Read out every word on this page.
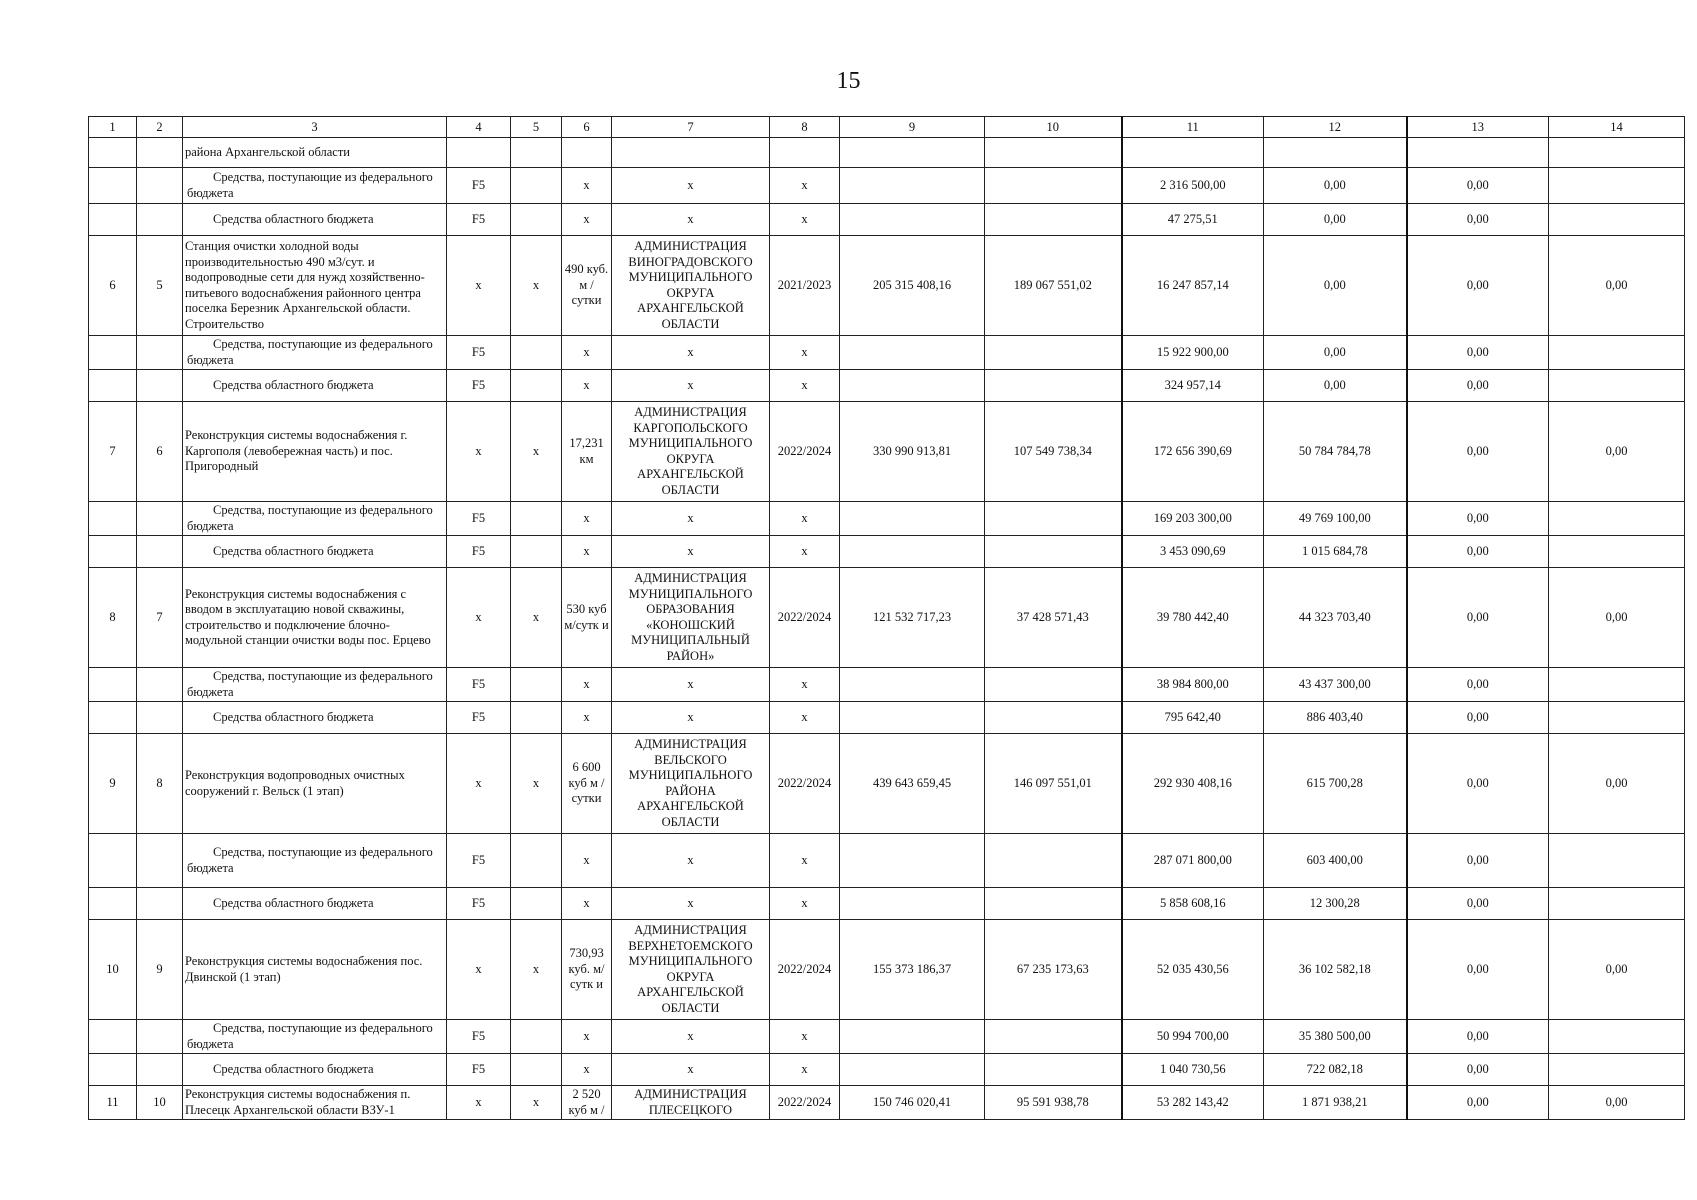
15
1	2	3	4	5	6	7	8	9	10	11	12	13	14
		района Архангельской области											
		Средства, поступающие из федерального бюджета	F5		x	x	x			2 316 500,00	0,00	0,00	
		Средства областного бюджета	F5		x	x	x			47 275,51	0,00	0,00	
6	5	Станция очистки холодной воды производительностью 490 м3/сут. и водопроводные сети для нужд хозяйственно-питьевого водоснабжения районного центра поселка Березник Архангельской области. Строительство	x	x	490 куб. м / сутки	АДМИНИСТРАЦИЯ ВИНОГРАДОВСКОГО МУНИЦИПАЛЬНОГО ОКРУГА АРХАНГЕЛЬСКОЙ ОБЛАСТИ	2021/2023	205 315 408,16	189 067 551,02	16 247 857,14	0,00	0,00	0,00
		Средства, поступающие из федерального бюджета	F5		x	x	x			15 922 900,00	0,00	0,00	
		Средства областного бюджета	F5		x	x	x			324 957,14	0,00	0,00	
7	6	Реконструкция системы водоснабжения г. Каргополя (левобережная часть) и пос. Пригородный	x	x	17,231 км	АДМИНИСТРАЦИЯ КАРГОПОЛЬСКОГО МУНИЦИПАЛЬНОГО ОКРУГА АРХАНГЕЛЬСКОЙ ОБЛАСТИ	2022/2024	330 990 913,81	107 549 738,34	172 656 390,69	50 784 784,78	0,00	0,00
		Средства, поступающие из федерального бюджета	F5		x	x	x			169 203 300,00	49 769 100,00	0,00	
		Средства областного бюджета	F5		x	x	x			3 453 090,69	1 015 684,78	0,00	
8	7	Реконструкция системы водоснабжения с вводом в эксплуатацию новой скважины, строительство и подключение блочно-модульной станции очистки воды пос. Ерцево	x	x	530 куб м/сутк и	АДМИНИСТРАЦИЯ МУНИЦИПАЛЬНОГО ОБРАЗОВАНИЯ «КОНОШСКИЙ МУНИЦИПАЛЬНЫЙ РАЙОН»	2022/2024	121 532 717,23	37 428 571,43	39 780 442,40	44 323 703,40	0,00	0,00
		Средства, поступающие из федерального бюджета	F5		x	x	x			38 984 800,00	43 437 300,00	0,00	
		Средства областного бюджета	F5		x	x	x			795 642,40	886 403,40	0,00	
9	8	Реконструкция водопроводных очистных сооружений г. Вельск (1 этап)	x	x	6 600 куб м / сутки	АДМИНИСТРАЦИЯ ВЕЛЬСКОГО МУНИЦИПАЛЬНОГО РАЙОНА АРХАНГЕЛЬСКОЙ ОБЛАСТИ	2022/2024	439 643 659,45	146 097 551,01	292 930 408,16	615 700,28	0,00	0,00
		Средства, поступающие из федерального бюджета	F5		x	x	x			287 071 800,00	603 400,00	0,00	
		Средства областного бюджета	F5		x	x	x			5 858 608,16	12 300,28	0,00	
10	9	Реконструкция системы водоснабжения пос. Двинской (1 этап)	x	x	730,93 куб. м/сутк и	АДМИНИСТРАЦИЯ ВЕРХНЕТОЕМСКОГО МУНИЦИПАЛЬНОГО ОКРУГА АРХАНГЕЛЬСКОЙ ОБЛАСТИ	2022/2024	155 373 186,37	67 235 173,63	52 035 430,56	36 102 582,18	0,00	0,00
		Средства, поступающие из федерального бюджета	F5		x	x	x			50 994 700,00	35 380 500,00	0,00	
		Средства областного бюджета	F5		x	x	x			1 040 730,56	722 082,18	0,00	
11	10	Реконструкция системы водоснабжения п. Плесецк Архангельской области ВЗУ-1	x	x	2 520 куб м /	АДМИНИСТРАЦИЯ ПЛЕСЕЦКОГО	2022/2024	150 746 020,41	95 591 938,78	53 282 143,42	1 871 938,21	0,00	0,00
